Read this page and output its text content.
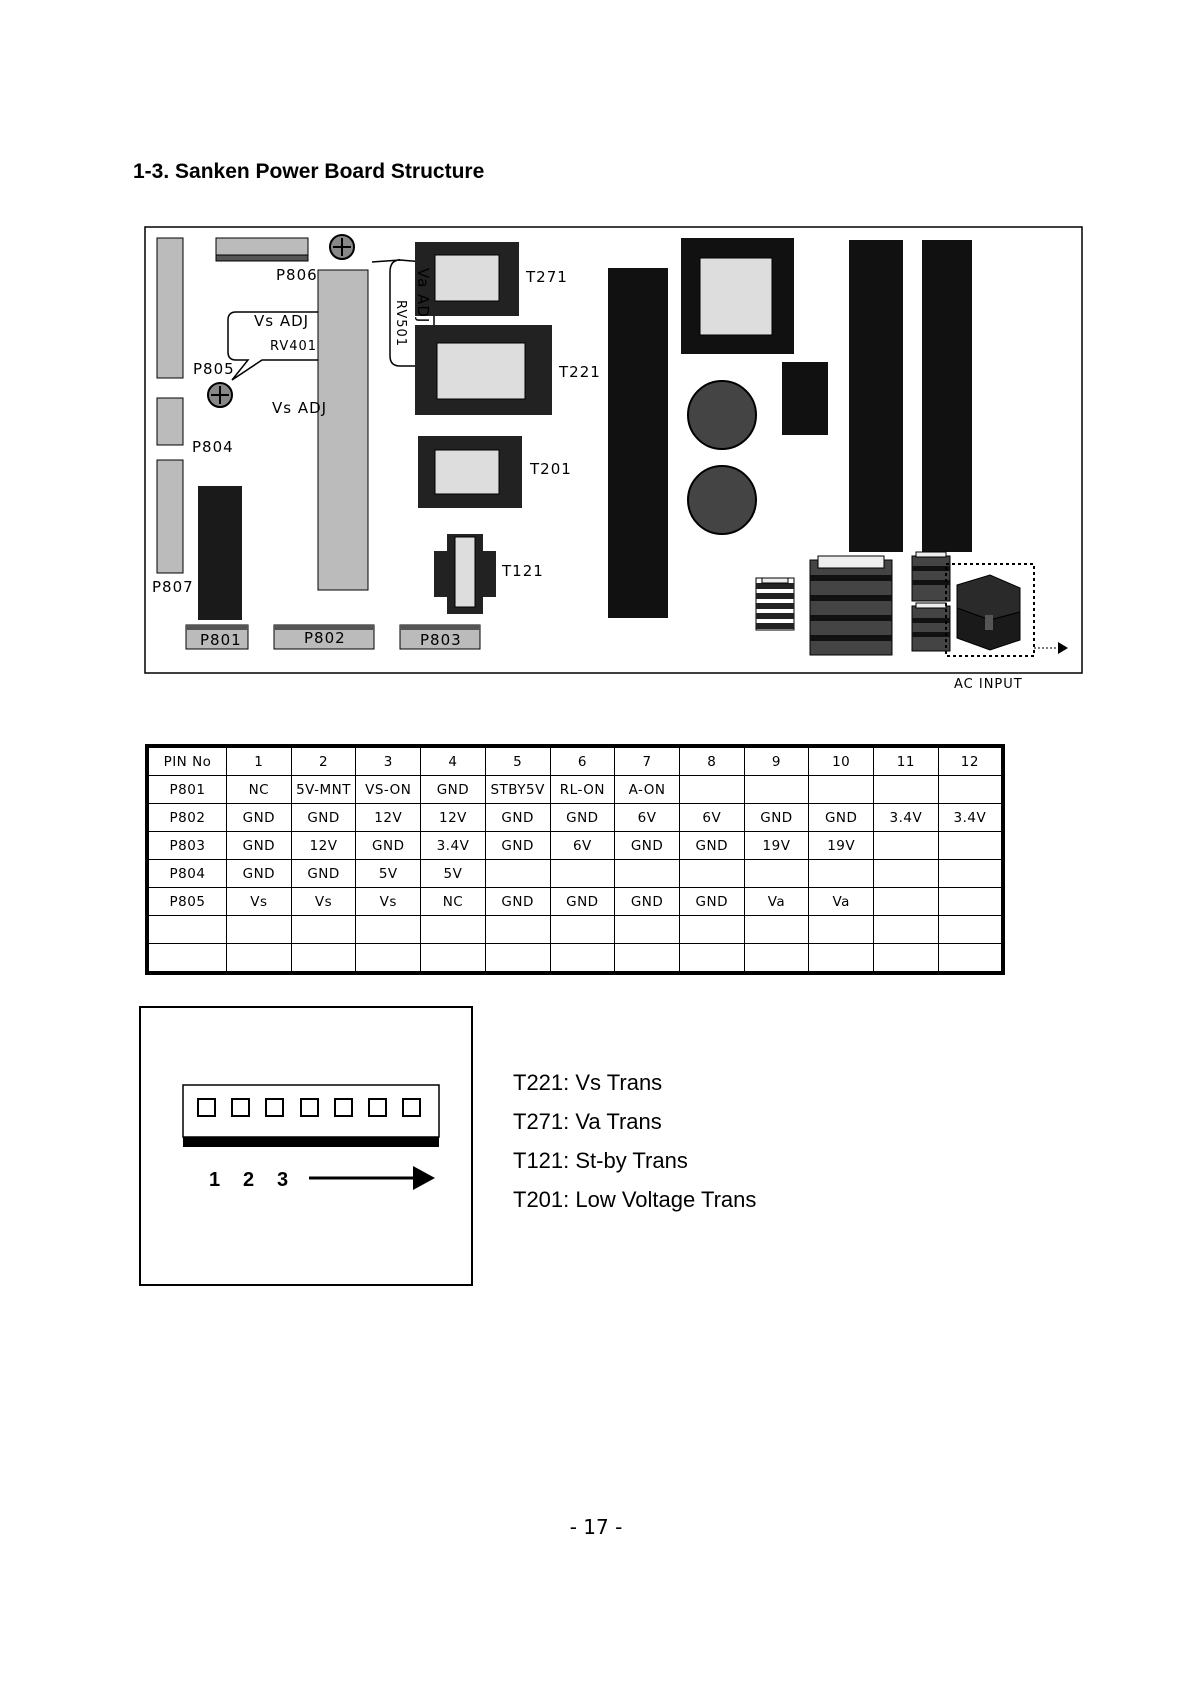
1-3. Sanken Power Board Structure
P806
Vs ADJ
RV401
P805
Vs ADJ
P804
P807
P801	P802	P803
Va ADJ
RV501
T271
T221
T201
T121
AC INPUT
PIN No	1	2	3	4	5	6	7	8	9	10	11	12
P801	NC	5V-MNT	VS-ON	GND	STBY5V	RL-ON	A-ON					
P802	GND	GND	12V	12V	GND	GND	6V	6V	GND	GND	3.4V	3.4V
P803	GND	12V	GND	3.4V	GND	6V	GND	GND	19V	19V		
P804	GND	GND	5V	5V								
P805	Vs	Vs	Vs	NC	GND	GND	GND	GND	Va	Va		

1 2 3
T221: Vs Trans
T271: Va Trans
T121: St-by Trans
T201: Low Voltage Trans
- 17 -
